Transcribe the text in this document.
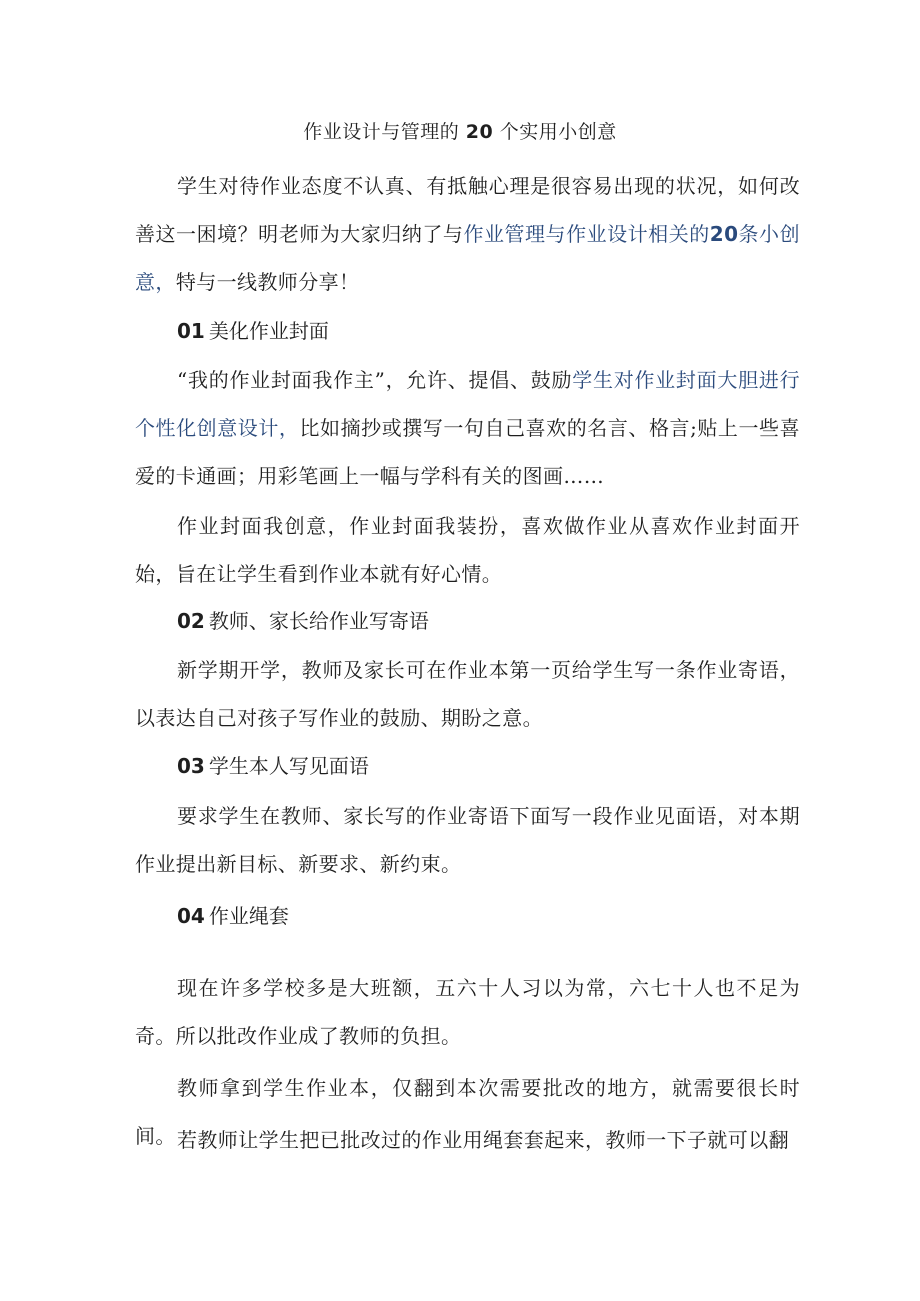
作业设计与管理的 20 个实用小创意
学生对待作业态度不认真、有抵触心理是很容易出现的状况，如何改善这一困境？明老师为大家归纳了与作业管理与作业设计相关的20条小创意，特与一线教师分享！
01 美化作业封面
“我的作业封面我作主”，允许、提倡、鼓励学生对作业封面大胆进行个性化创意设计，比如摘抄或撰写一句自己喜欢的名言、格言;贴上一些喜爱的卡通画；用彩笔画上一幅与学科有关的图画……
作业封面我创意，作业封面我装扮，喜欢做作业从喜欢作业封面开始，旨在让学生看到作业本就有好心情。
02 教师、家长给作业写寄语
新学期开学，教师及家长可在作业本第一页给学生写一条作业寄语，以表达自己对孩子写作业的鼓励、期盼之意。
03 学生本人写见面语
要求学生在教师、家长写的作业寄语下面写一段作业见面语，对本期作业提出新目标、新要求、新约束。
04 作业绳套
现在许多学校多是大班额，五六十人习以为常，六七十人也不足为奇。所以批改作业成了教师的负担。
教师拿到学生作业本，仅翻到本次需要批改的地方，就需要很长时间。 若教师让学生把已批改过的作业用绳套套起来，教师一下子就可以翻
